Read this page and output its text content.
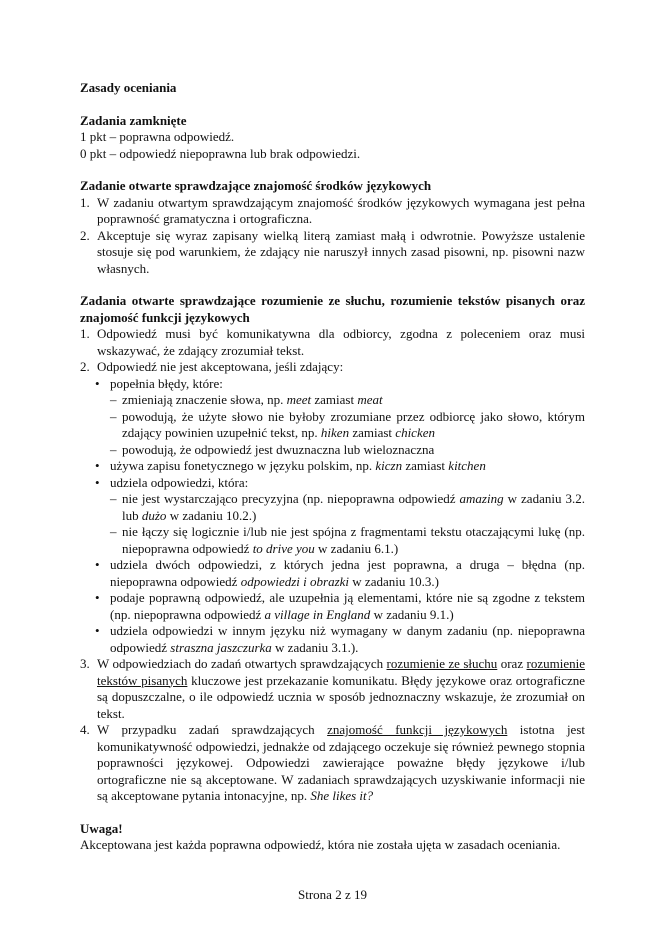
Zasady oceniania

Zadania zamknięte

1 pkt – poprawna odpowiedź.

0 pkt – odpowiedź niepoprawna lub brak odpowiedzi.

Zadanie otwarte sprawdzające znajomość środków językowych

1. W zadaniu otwartym sprawdzającym znajomość środków językowych wymagana jest pełna poprawność gramatyczna i ortograficzna.
2. Akceptuje się wyraz zapisany wielką literą zamiast małą i odwrotnie. Powyższe ustalenie stosuje się pod warunkiem, że zdający nie naruszył innych zasad pisowni, np. pisowni nazw własnych.

Zadania otwarte sprawdzające rozumienie ze słuchu, rozumienie tekstów pisanych oraz znajomość funkcji językowych

1. Odpowiedź musi być komunikatywna dla odbiorcy, zgodna z poleceniem oraz musi wskazywać, że zdający zrozumiał tekst.
2. Odpowiedź nie jest akceptowana, jeśli zdający:
• popełnia błędy, które:
– zmieniają znaczenie słowa, np. meet zamiast meat
– powodują, że użyte słowo nie byłoby zrozumiane przez odbiorcę jako słowo, którym zdający powinien uzupełnić tekst, np. hiken zamiast chicken
– powodują, że odpowiedź jest dwuznaczna lub wieloznaczna
• używa zapisu fonetycznego w języku polskim, np. kiczn zamiast kitchen
• udziela odpowiedzi, która:
– nie jest wystarczająco precyzyjna (np. niepoprawna odpowiedź amazing w zadaniu 3.2. lub dużo w zadaniu 10.2.)
– nie łączy się logicznie i/lub nie jest spójna z fragmentami tekstu otaczającymi lukę (np. niepoprawna odpowiedź to drive you w zadaniu 6.1.)
• udziela dwóch odpowiedzi, z których jedna jest poprawna, a druga – błędna (np. niepoprawna odpowiedź odpowiedzi i obrazki w zadaniu 10.3.)
• podaje poprawną odpowiedź, ale uzupełnia ją elementami, które nie są zgodne z tekstem (np. niepoprawna odpowiedź a village in England w zadaniu 9.1.)
• udziela odpowiedzi w innym języku niż wymagany w danym zadaniu (np. niepoprawna odpowiedź straszna jaszczurka w zadaniu 3.1.).
3. W odpowiedziach do zadań otwartych sprawdzających rozumienie ze słuchu oraz rozumienie tekstów pisanych kluczowe jest przekazanie komunikatu. Błędy językowe oraz ortograficzne są dopuszczalne, o ile odpowiedź ucznia w sposób jednoznaczny wskazuje, że zrozumiał on tekst.
4. W przypadku zadań sprawdzających znajomość funkcji językowych istotna jest komunikatywność odpowiedzi, jednakże od zdającego oczekuje się również pewnego stopnia poprawności językowej. Odpowiedzi zawierające poważne błędy językowe i/lub ortograficzne nie są akceptowane. W zadaniach sprawdzających uzyskiwanie informacji nie są akceptowane pytania intonacyjne, np. She likes it?

Uwaga!

Akceptowana jest każda poprawna odpowiedź, która nie została ujęta w zasadach oceniania.

Strona 2 z 19
